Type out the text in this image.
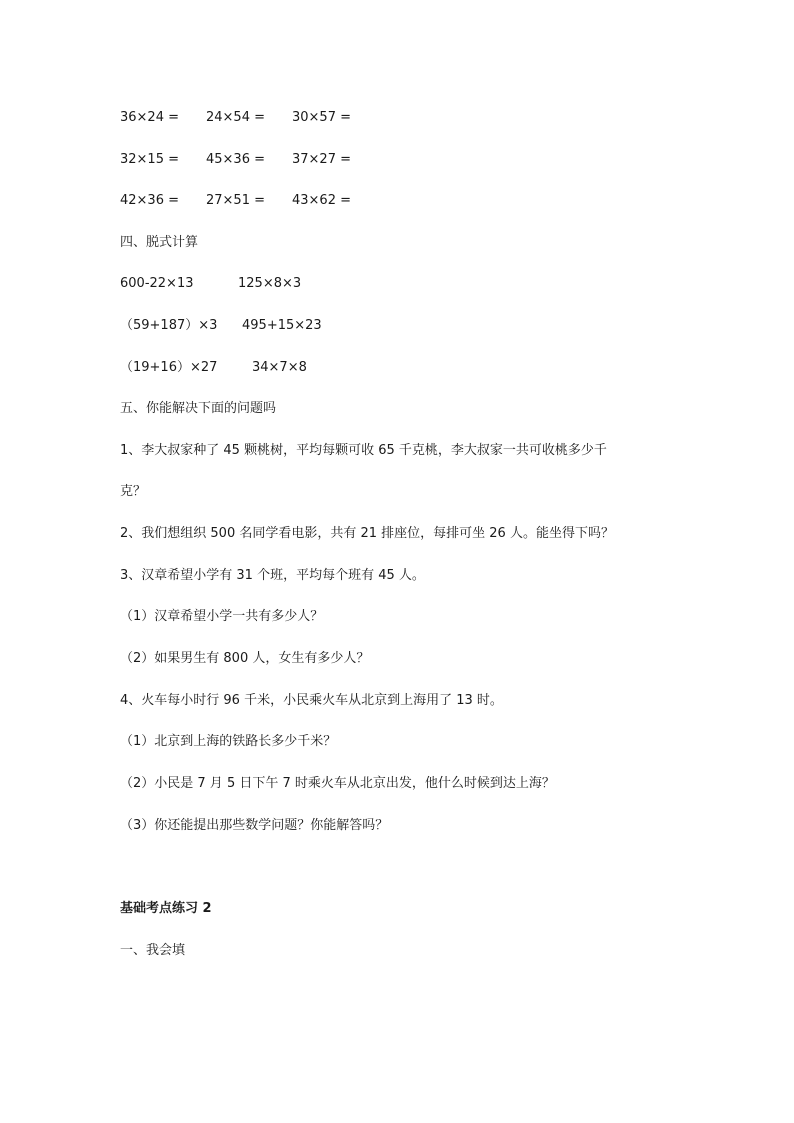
36×24 = 24×54 = 30×57 =
32×15 = 45×36 = 37×27 =
42×36 = 27×51 = 43×62 =
四、脱式计算
600-22×13	125×8×3
（59+187）×3 495+15×23
（19+16）×27	34×7×8
五、你能解决下面的问题吗
1、李大叔家种了 45 颗桃树，平均每颗可收 65 千克桃，李大叔家一共可收桃多少千
克？
2、我们想组织 500 名同学看电影，共有 21 排座位，每排可坐 26 人。能坐得下吗？
3、汉章希望小学有 31 个班，平均每个班有 45 人。
（1）汉章希望小学一共有多少人？
（2）如果男生有 800 人，女生有多少人？
4、火车每小时行 96 千米，小民乘火车从北京到上海用了 13 时。
（1）北京到上海的铁路长多少千米？
（2）小民是 7 月 5 日下午 7 时乘火车从北京出发，他什么时候到达上海？
（3）你还能提出那些数学问题？你能解答吗？
基础考点练习 2
一、我会填
